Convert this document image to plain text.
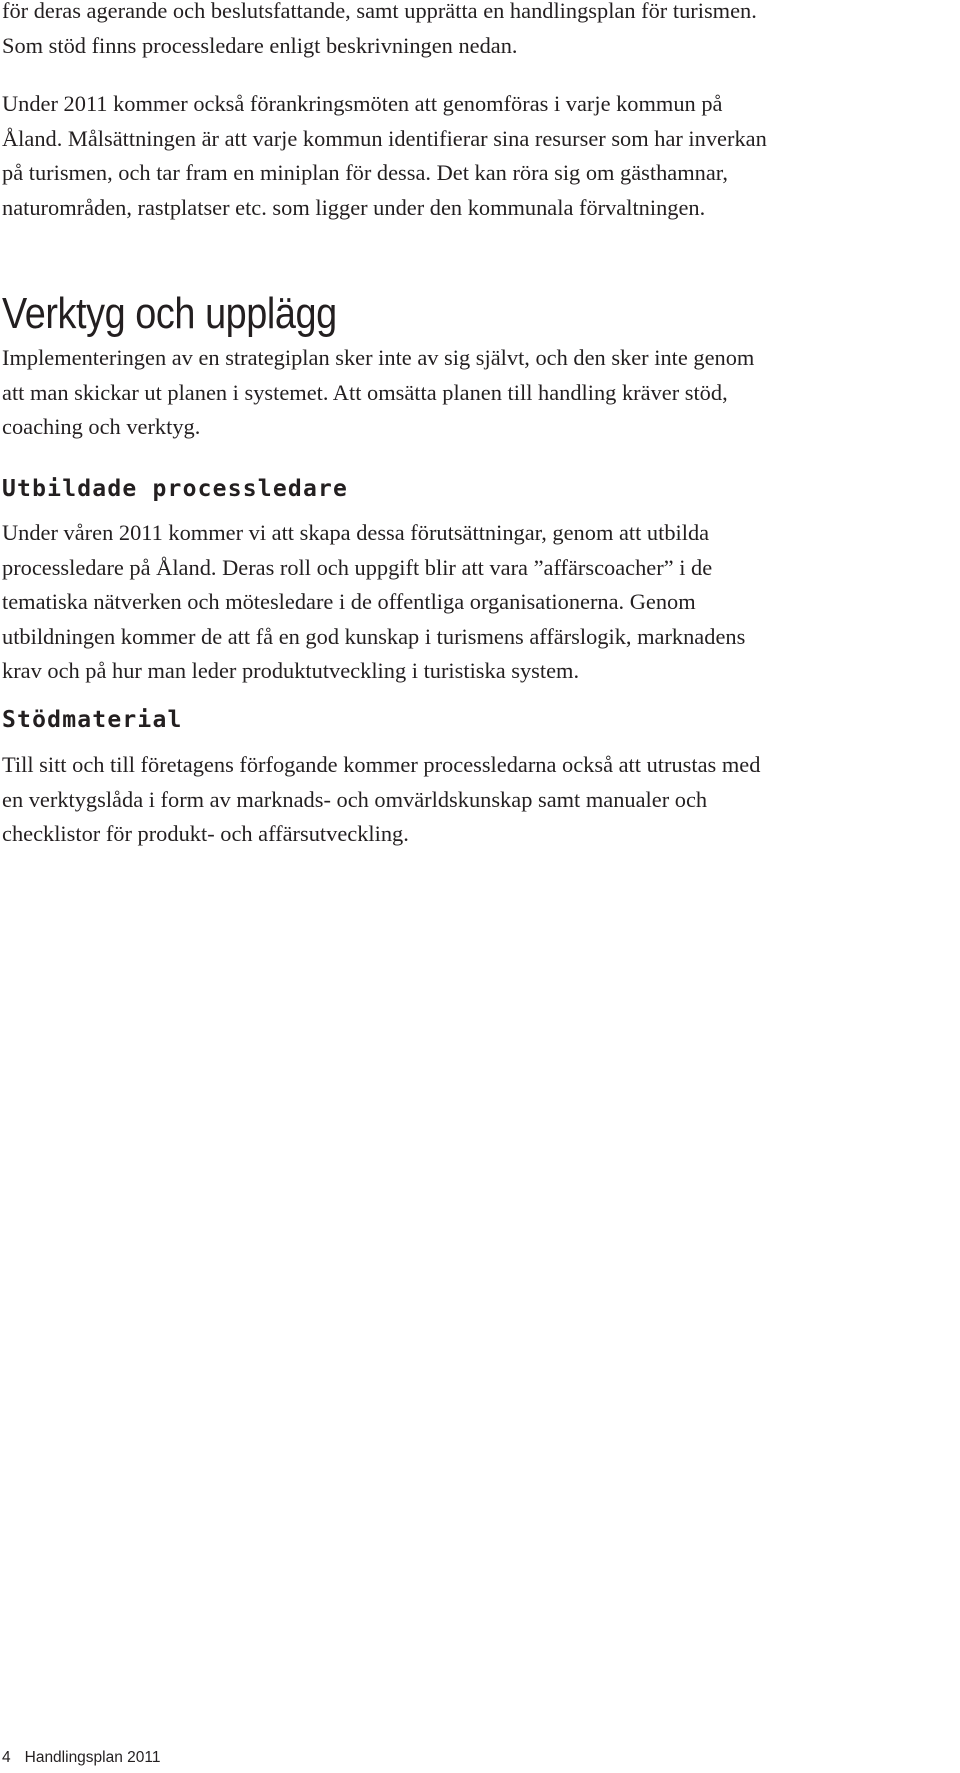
för deras agerande och beslutsfattande, samt upprätta en handlingsplan för turismen.
Som stöd finns processledare enligt beskrivningen nedan.

Under 2011 kommer också förankringsmöten att genomföras i varje kommun på
Åland. Målsättningen är att varje kommun identifierar sina resurser som har inverkan
på turismen, och tar fram en miniplan för dessa. Det kan röra sig om gästhamnar,
naturområden, rastplatser etc. som ligger under den kommunala förvaltningen.

Verktyg och upplägg

Implementeringen av en strategiplan sker inte av sig självt, och den sker inte genom
att man skickar ut planen i systemet. Att omsätta planen till handling kräver stöd,
coaching och verktyg.

Utbildade processledare

Under våren 2011 kommer vi att skapa dessa förutsättningar, genom att utbilda
processledare på Åland. Deras roll och uppgift blir att vara ”affärscoacher” i de
tematiska nätverken och mötesledare i de offentliga organisationerna. Genom
utbildningen kommer de att få en god kunskap i turismens affärslogik, marknadens
krav och på hur man leder produktutveckling i turistiska system.

Stödmaterial

Till sitt och till företagens förfogande kommer processledarna också att utrustas med
en verktygslåda i form av marknads- och omvärldskunskap samt manualer och
checklistor för produkt- och affärsutveckling.

4 Handlingsplan 2011
